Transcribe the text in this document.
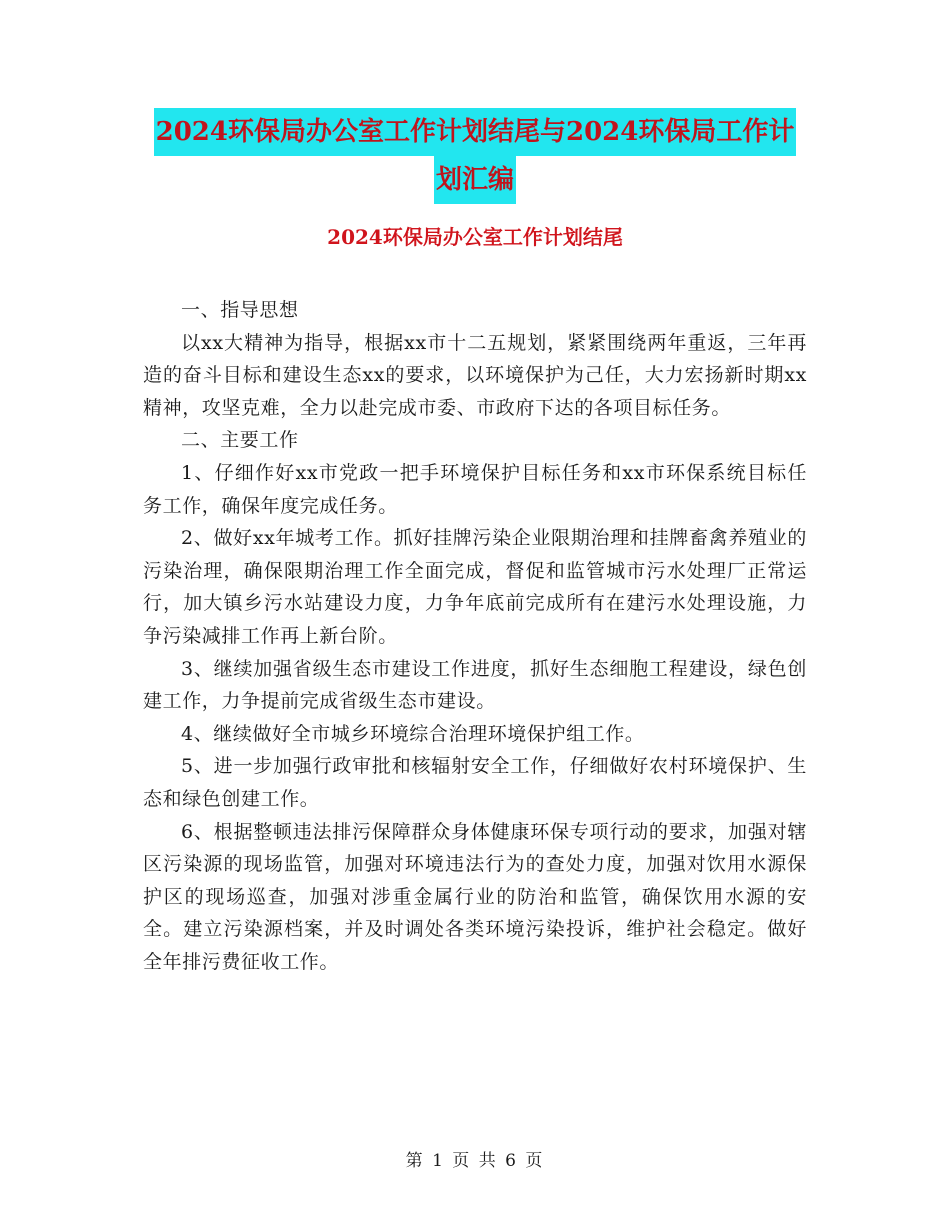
2024环保局办公室工作计划结尾与2024环保局工作计
划汇编
2024环保局办公室工作计划结尾

一、指导思想

以xx大精神为指导，根据xx市十二五规划，紧紧围绕两年重返，三年再造的奋斗目标和建设生态xx的要求，以环境保护为己任，大力宏扬新时期xx精神，攻坚克难，全力以赴完成市委、市政府下达的各项目标任务。

二、主要工作

1、仔细作好xx市党政一把手环境保护目标任务和xx市环保系统目标任务工作，确保年度完成任务。

2、做好xx年城考工作。抓好挂牌污染企业限期治理和挂牌畜禽养殖业的污染治理，确保限期治理工作全面完成，督促和监管城市污水处理厂正常运行，加大镇乡污水站建设力度，力争年底前完成所有在建污水处理设施，力争污染减排工作再上新台阶。

3、继续加强省级生态市建设工作进度，抓好生态细胞工程建设，绿色创建工作，力争提前完成省级生态市建设。

4、继续做好全市城乡环境综合治理环境保护组工作。

5、进一步加强行政审批和核辐射安全工作，仔细做好农村环境保护、生态和绿色创建工作。

6、根据整顿违法排污保障群众身体健康环保专项行动的要求，加强对辖区污染源的现场监管，加强对环境违法行为的查处力度，加强对饮用水源保护区的现场巡查，加强对涉重金属行业的防治和监管，确保饮用水源的安全。建立污染源档案，并及时调处各类环境污染投诉，维护社会稳定。做好全年排污费征收工作。

第 1 页 共 6 页
